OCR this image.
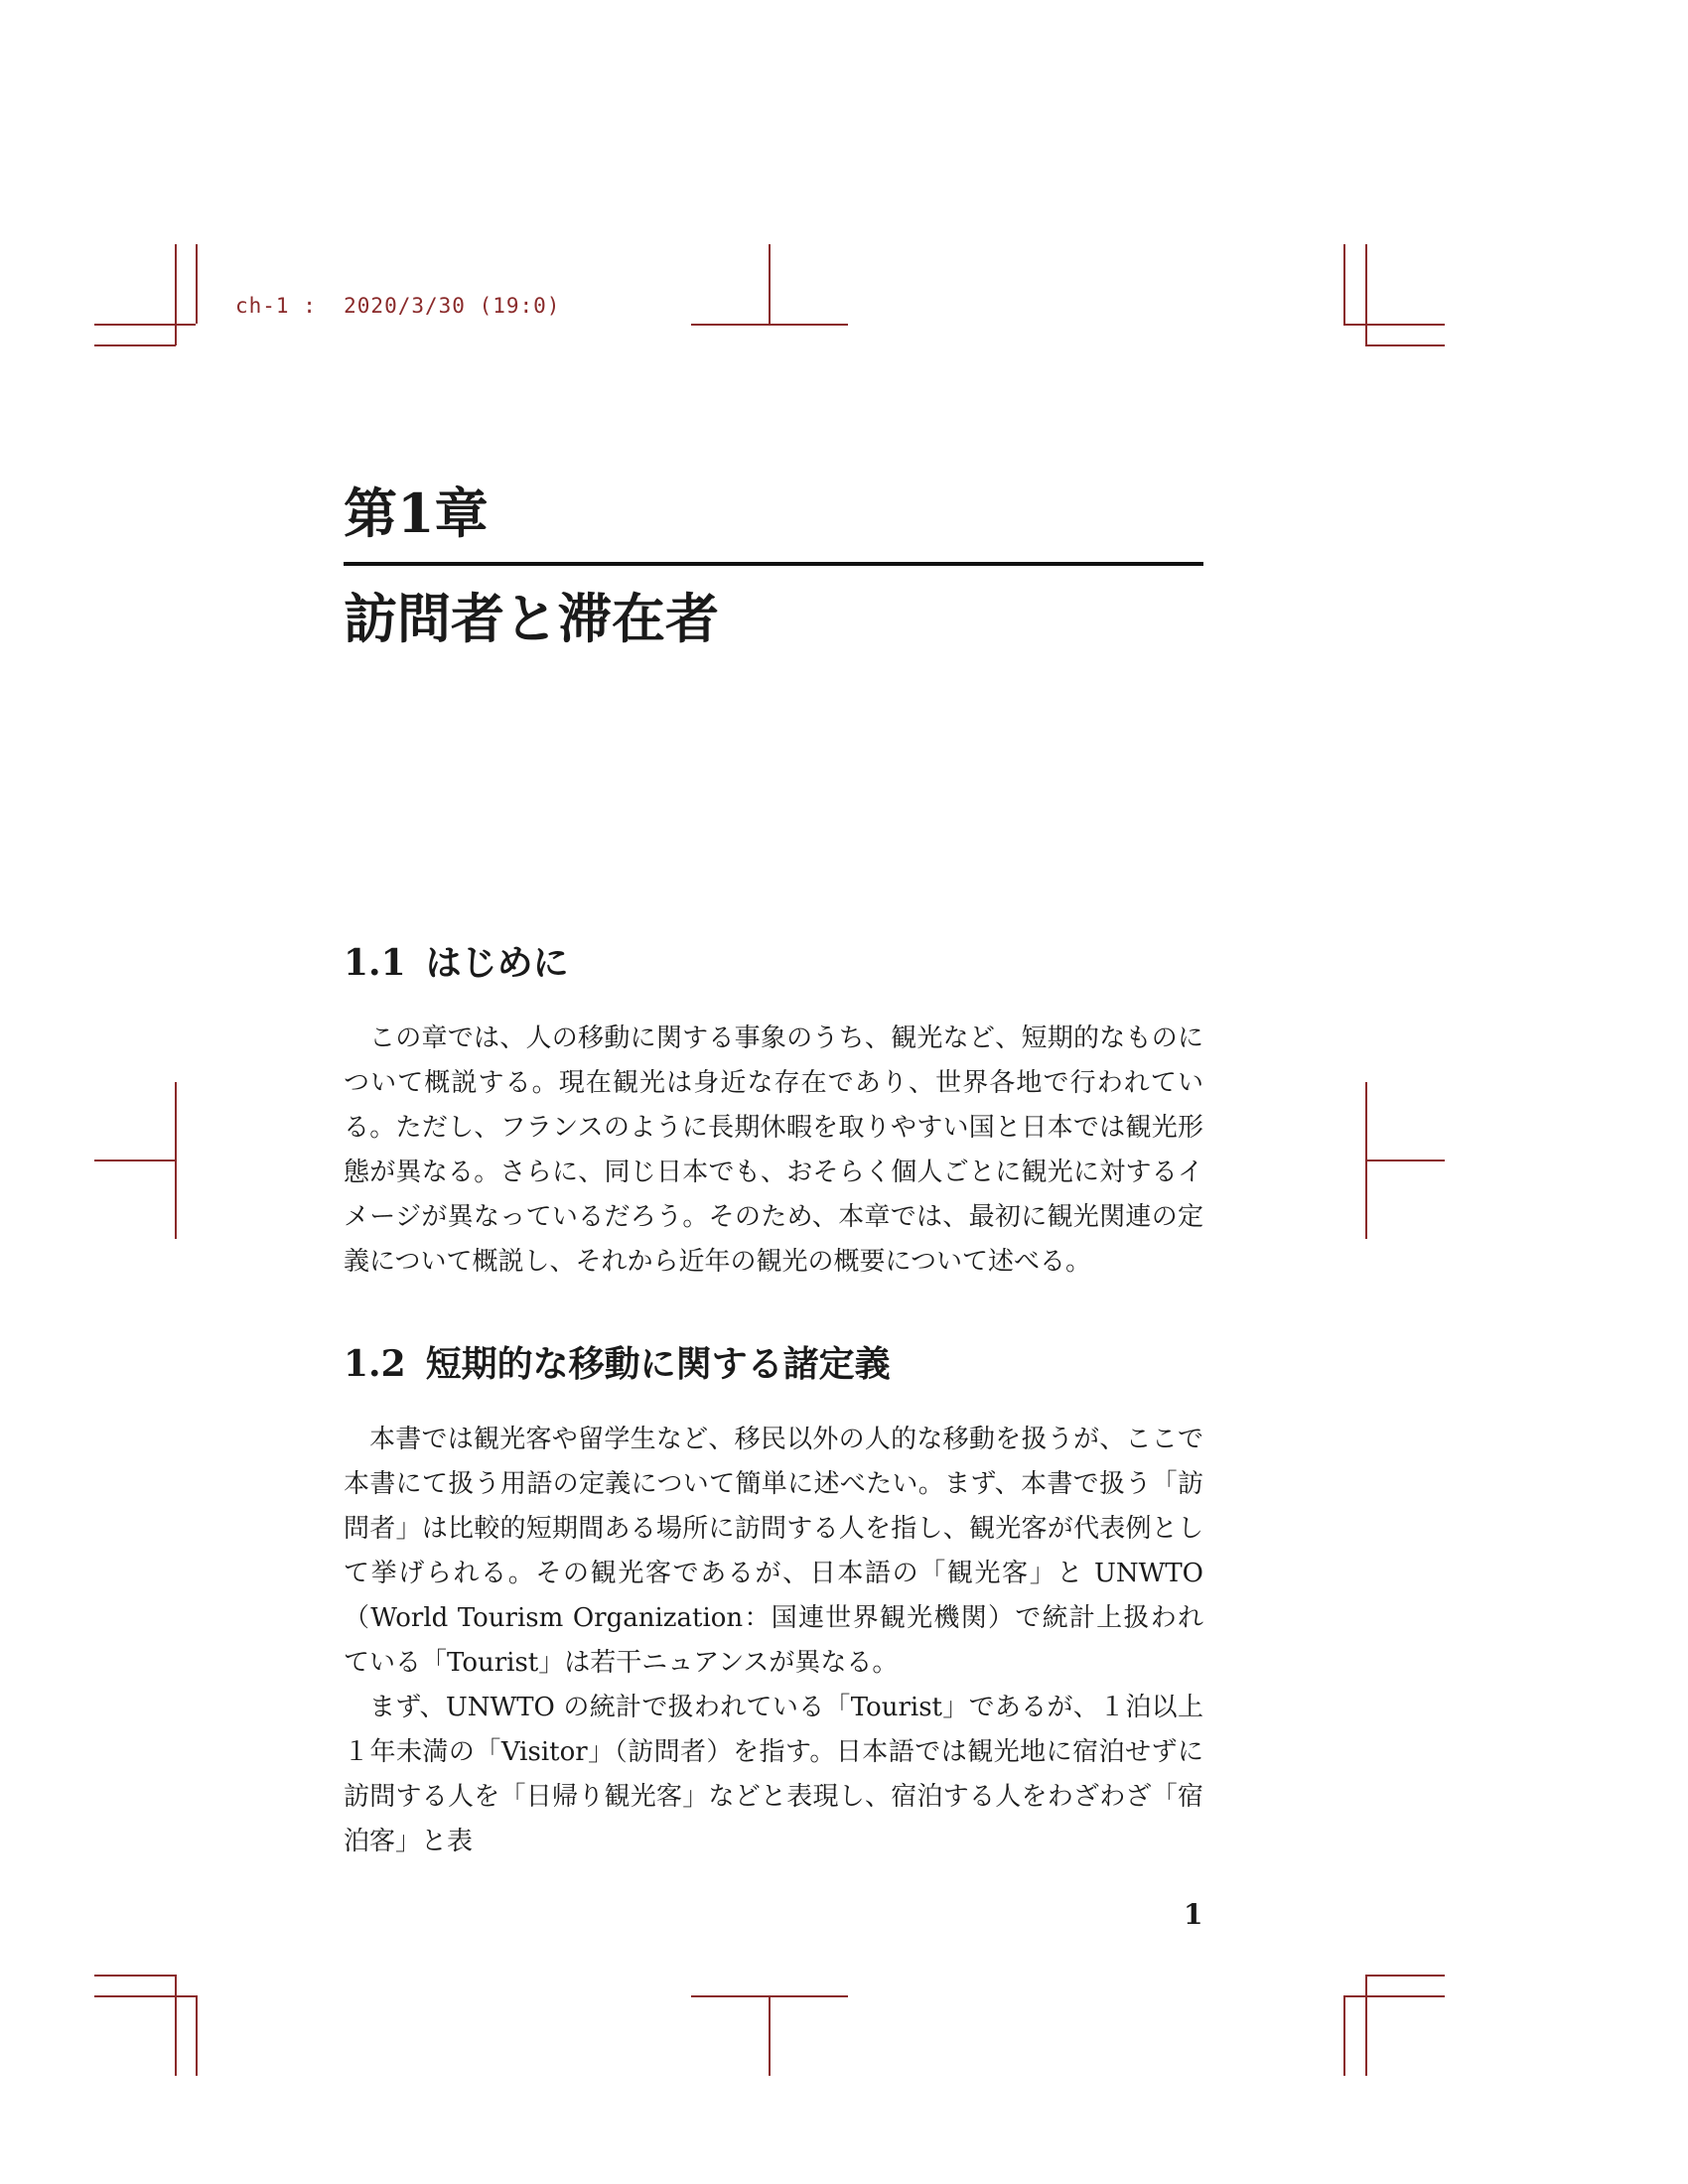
ch-1 :  2020/3/30 (19:0)
第1章
訪問者と滞在者
1.1 はじめに

この章では、人の移動に関する事象のうち、観光など、短期的なものについて概説する。現在観光は身近な存在であり、世界各地で行われている。ただし、フランスのように長期休暇を取りやすい国と日本では観光形態が異なる。さらに、同じ日本でも、おそらく個人ごとに観光に対するイメージが異なっているだろう。そのため、本章では、最初に観光関連の定義について概説し、それから近年の観光の概要について述べる。

1.2 短期的な移動に関する諸定義

本書では観光客や留学生など、移民以外の人的な移動を扱うが、ここで本書にて扱う用語の定義について簡単に述べたい。まず、本書で扱う「訪問者」は比較的短期間ある場所に訪問する人を指し、観光客が代表例として挙げられる。その観光客であるが、日本語の「観光客」と UNWTO（World Tourism Organization：国連世界観光機関）で統計上扱われている「Tourist」は若干ニュアンスが異なる。

まず、UNWTO の統計で扱われている「Tourist」であるが、１泊以上１年未満の「Visitor」（訪問者）を指す。日本語では観光地に宿泊せずに訪問する人を「日帰り観光客」などと表現し、宿泊する人をわざわざ「宿泊客」と表

1
